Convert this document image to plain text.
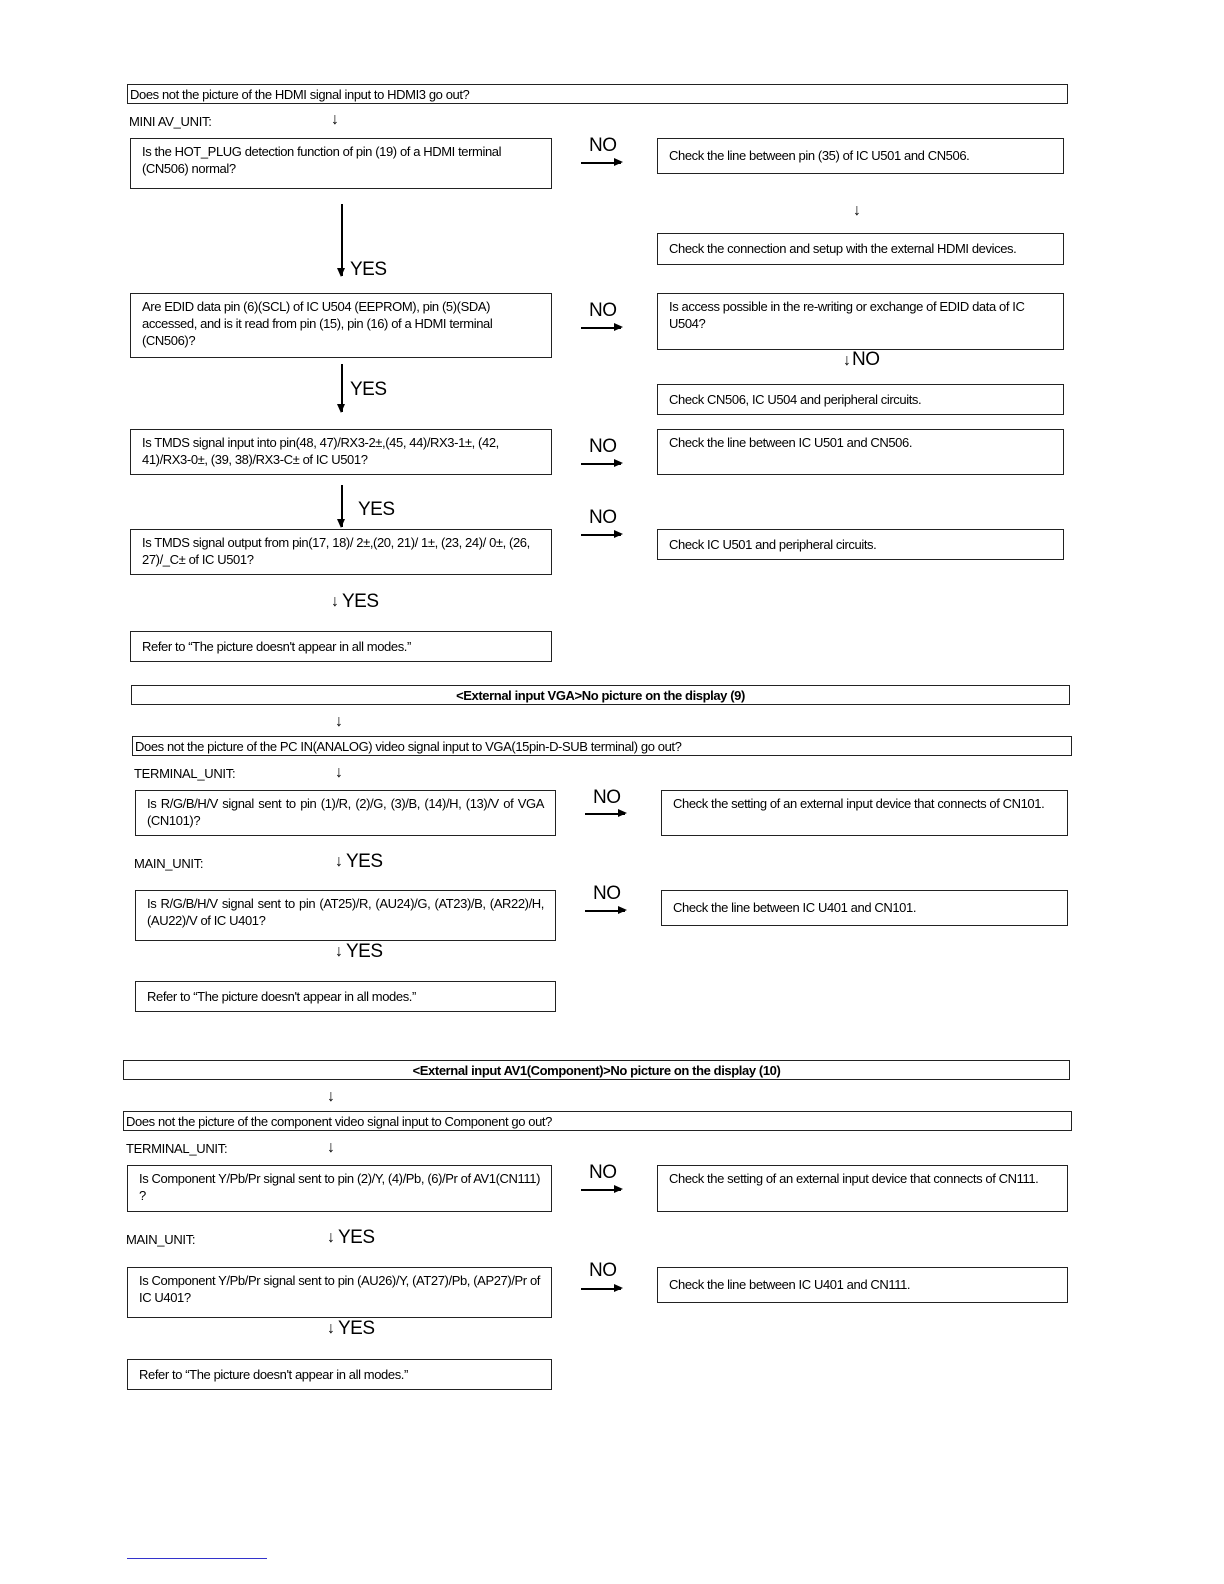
Does not the picture of the HDMI signal input to HDMI3 go out?
MINI AV_UNIT:	↓
Is the HOT_PLUG detection function of pin (19) of a HDMI terminal (CN506) normal?
NO	Check the line between pin (35) of IC U501 and CN506.
↓
Check the connection and setup with the external HDMI devices.
YES
Are EDID data pin (6)(SCL) of IC U504 (EEPROM), pin (5)(SDA) accessed, and is it read from pin (15), pin (16) of a HDMI terminal (CN506)?
NO	Is access possible in the re-writing or exchange of EDID data of IC U504?
↓ NO
Check CN506, IC U504 and peripheral circuits.
YES
Is TMDS signal input into pin(48, 47)/RX3-2±,(45, 44)/RX3-1±, (42, 41)/RX3-0±, (39, 38)/RX3-C± of IC U501?
NO	Check the line between IC U501 and CN506.
YES
Is TMDS signal output from pin(17, 18)/ 2±,(20, 21)/ 1±, (23, 24)/ 0±, (26, 27)/_C± of IC U501?
NO
Check IC U501 and peripheral circuits.
↓ YES
Refer to “The picture doesn't appear in all modes.”
<External input VGA>No picture on the display (9)
↓
Does not the picture of the PC IN(ANALOG) video signal input to VGA(15pin-D-SUB terminal) go out?
TERMINAL_UNIT:	↓
Is R/G/B/H/V signal sent to pin (1)/R, (2)/G, (3)/B, (14)/H, (13)/V of VGA (CN101)?
NO	Check the setting of an external input device that connects of CN101.
MAIN_UNIT:	↓ YES
Is R/G/B/H/V signal sent to pin (AT25)/R, (AU24)/G, (AT23)/B, (AR22)/H, (AU22)/V of IC U401?
NO
Check the line between IC U401 and CN101.
↓ YES
Refer to “The picture doesn't appear in all modes.”
<External input AV1(Component)>No picture on the display (10)
↓
Does not the picture of the component video signal input to Component go out?
TERMINAL_UNIT:	↓
Is Component Y/Pb/Pr signal sent to pin (2)/Y, (4)/Pb, (6)/Pr of AV1(CN111) ?
NO	Check the setting of an external input device that connects of CN111.
MAIN_UNIT:	↓ YES
Is Component Y/Pb/Pr signal sent to pin (AU26)/Y, (AT27)/Pb, (AP27)/Pr of IC U401?
NO
Check the line between IC U401 and CN111.
↓ YES
Refer to “The picture doesn't appear in all modes.”
